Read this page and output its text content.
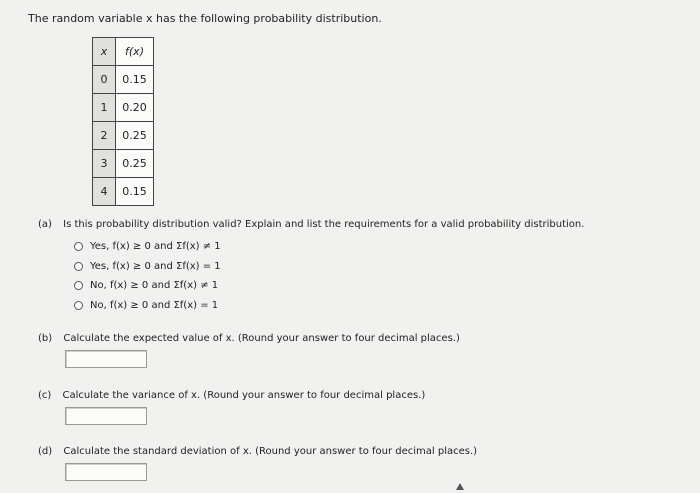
The random variable x has the following probability distribution.
x	f(x)
0	0.15
1	0.20
2	0.25
3	0.25
4	0.15
(a) Is this probability distribution valid? Explain and list the requirements for a valid probability distribution.
Yes, f(x) ≥ 0 and Σf(x) ≠ 1
Yes, f(x) ≥ 0 and Σf(x) = 1
No, f(x) ≥ 0 and Σf(x) ≠ 1
No, f(x) ≥ 0 and Σf(x) = 1
(b) Calculate the expected value of x. (Round your answer to four decimal places.)
(c) Calculate the variance of x. (Round your answer to four decimal places.)
(d) Calculate the standard deviation of x. (Round your answer to four decimal places.)
